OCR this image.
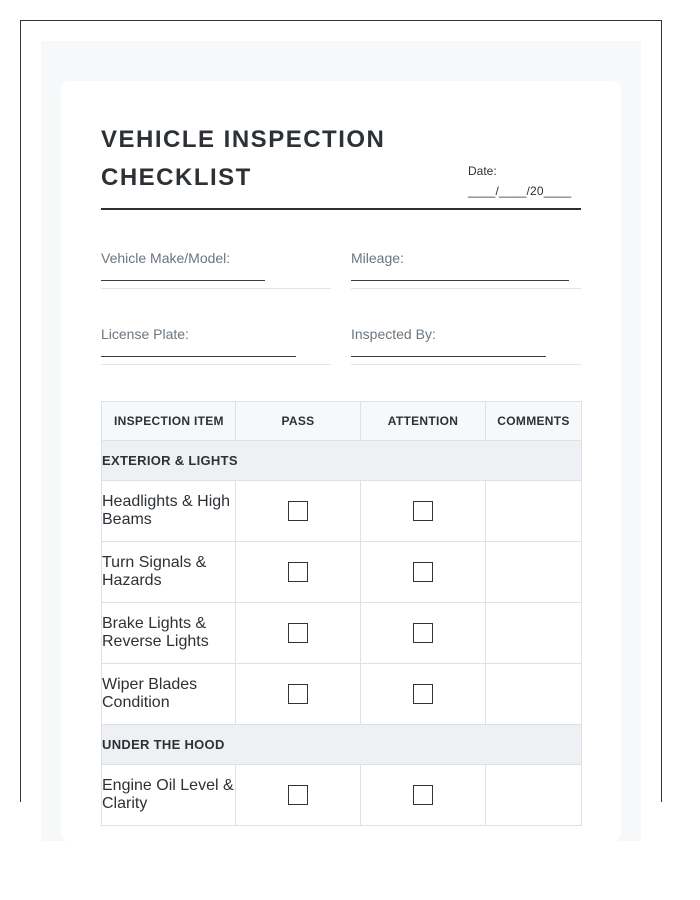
VEHICLE INSPECTION CHECKLIST	Date:
____/____/20____
Vehicle Make/Model:	Mileage:
License Plate:	Inspected By:
INSPECTION ITEM	PASS	ATTENTION	COMMENTS
EXTERIOR & LIGHTS			
Headlights & High Beams			
Turn Signals & Hazards			
Brake Lights & Reverse Lights			
Wiper Blades Condition			
UNDER THE HOOD			
Engine Oil Level & Clarity			
